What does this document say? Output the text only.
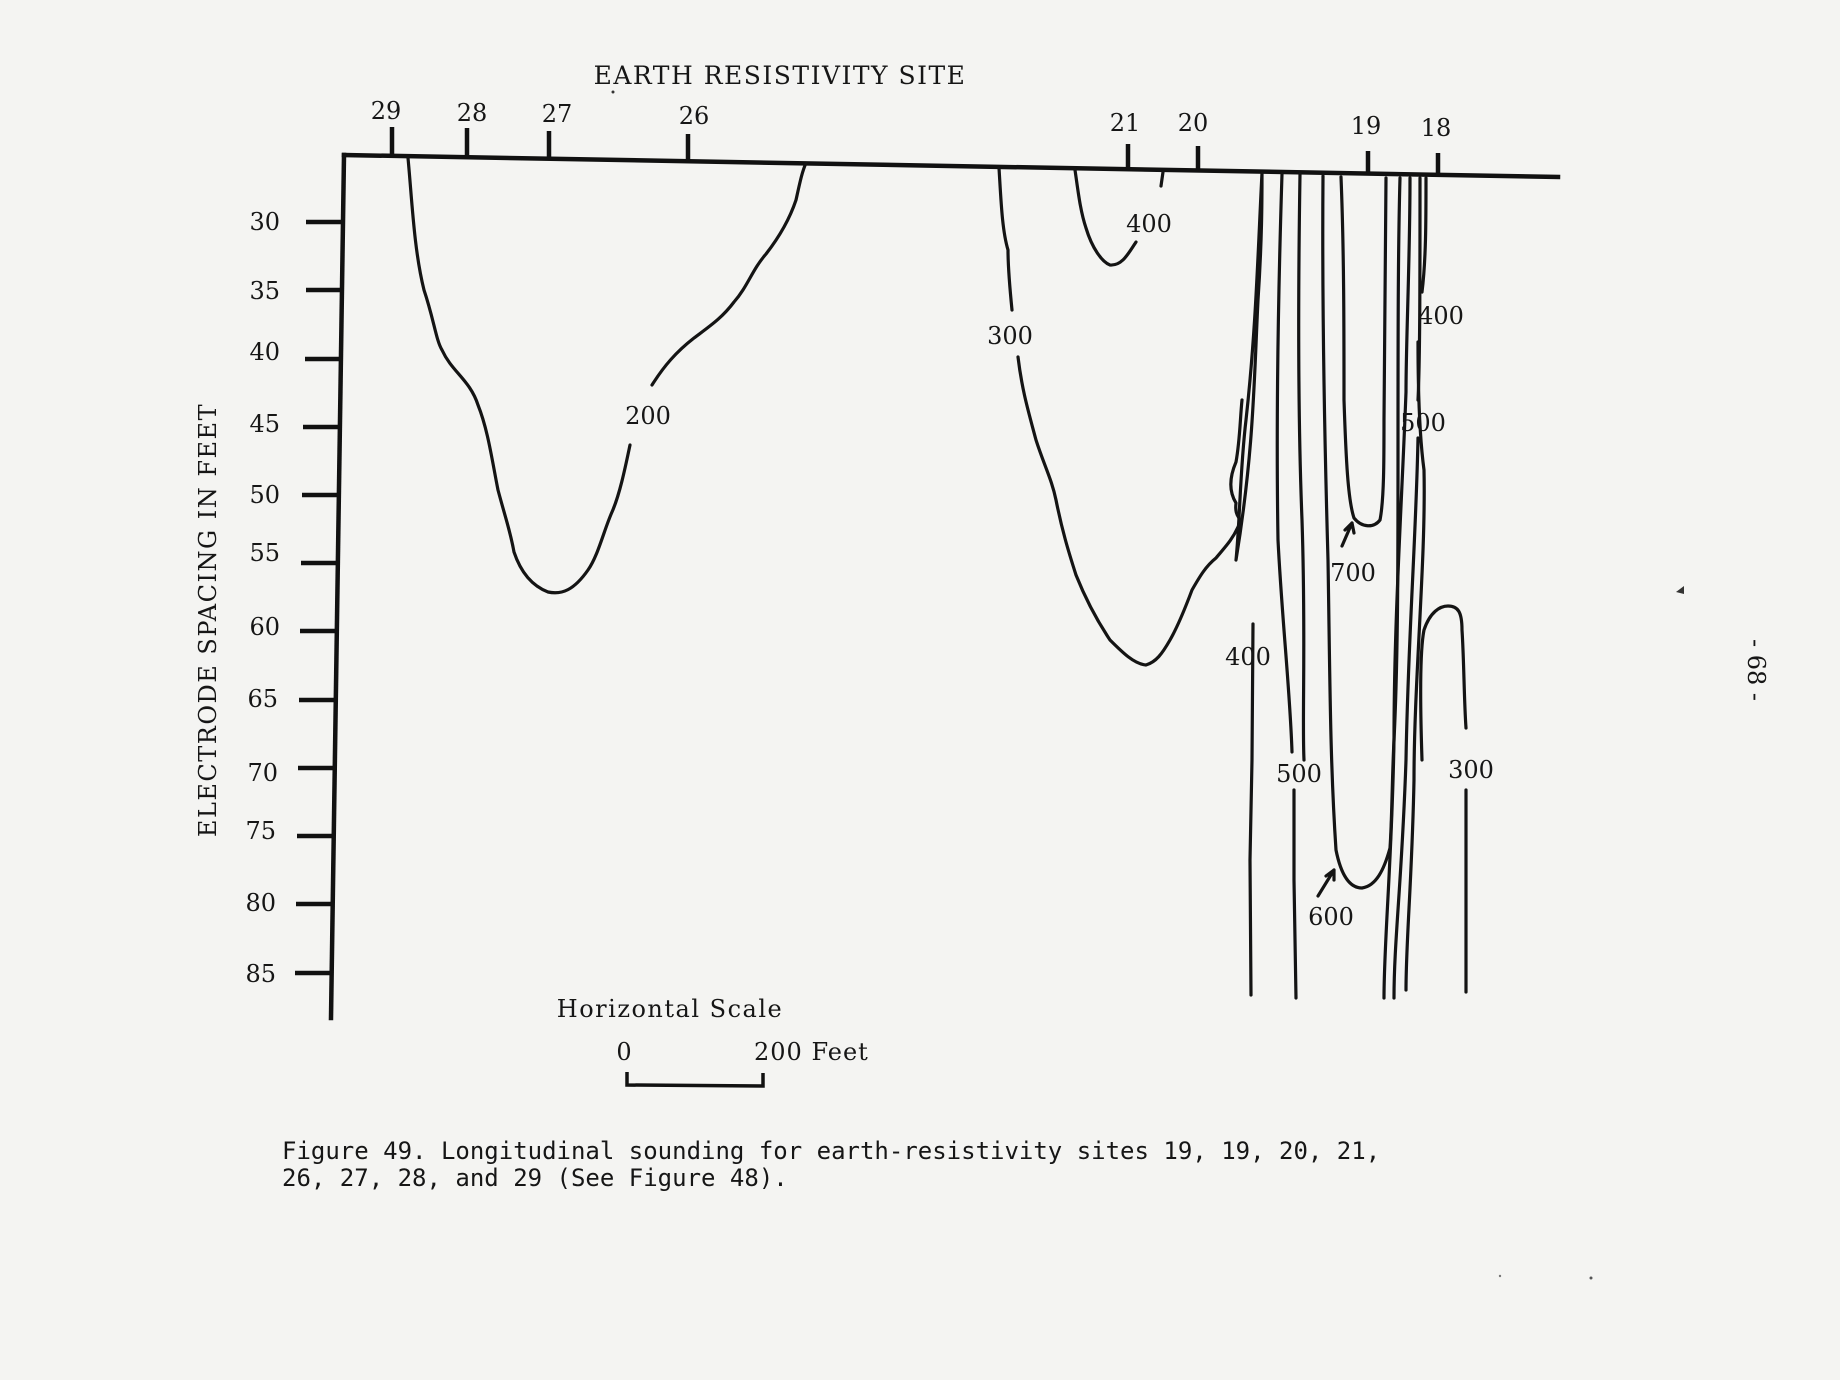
EARTH RESISTIVITY SITE
29 28 27	26	21 20	19 18
30
35
40
45
50
55
60
65
70
75
80
85
ELECTRODE SPACING IN FEET	200
300
400
400
500
700
400
500	300
600
Horizontal Scale
0	200 Feet
Figure 49. Longitudinal sounding for earth-resistivity sites 19, 19, 20, 21,
26, 27, 28, and 29 (See Figure 48).
- 68 -
